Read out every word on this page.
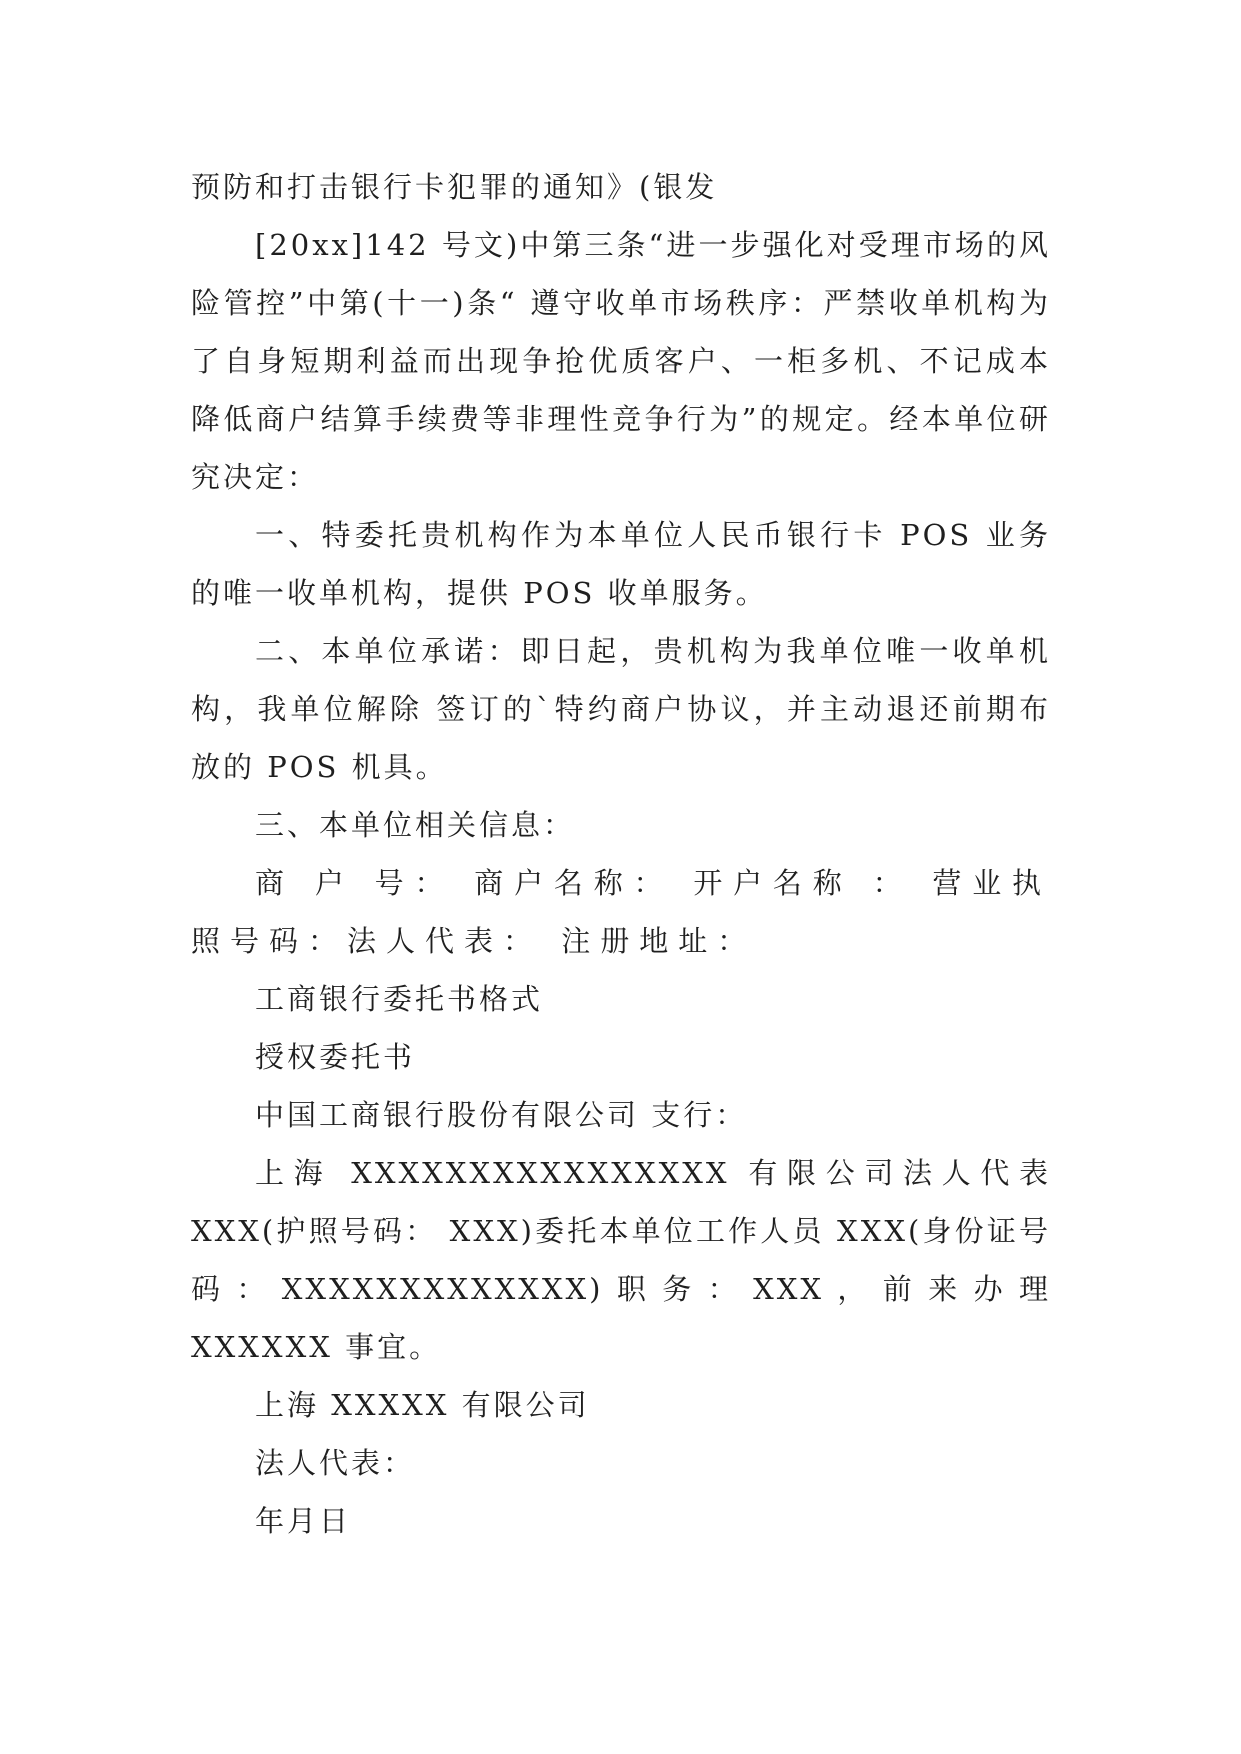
预防和打击银行卡犯罪的通知》(银发

[20xx]142 号文)中第三条“进一步强化对受理市场的风险管控”中第(十一)条“ 遵守收单市场秩序：严禁收单机构为了自身短期利益而出现争抢优质客户、一柜多机、不记成本降低商户结算手续费等非理性竞争行为”的规定。经本单位研究决定：

一、特委托贵机构作为本单位人民币银行卡 POS 业务的唯一收单机构，提供 POS 收单服务。

二、本单位承诺：即日起，贵机构为我单位唯一收单机构，我单位解除 签订的`特约商户协议，并主动退还前期布放的 POS 机具。

三、本单位相关信息：

商 户 号： 商户名称： 开户名称 ： 营业执照号码：法人代表： 注册地址：

工商银行委托书格式

授权委托书

中国工商银行股份有限公司 支行：

上海 XXXXXXXXXXXXXXXX 有限公司法人代表 XXX(护照号码： XXX)委托本单位工作人员 XXX(身份证号码：XXXXXXXXXXXXX)职务：XXX，前来办理 XXXXXX 事宜。

上海 XXXXX 有限公司

法人代表：

年月日
